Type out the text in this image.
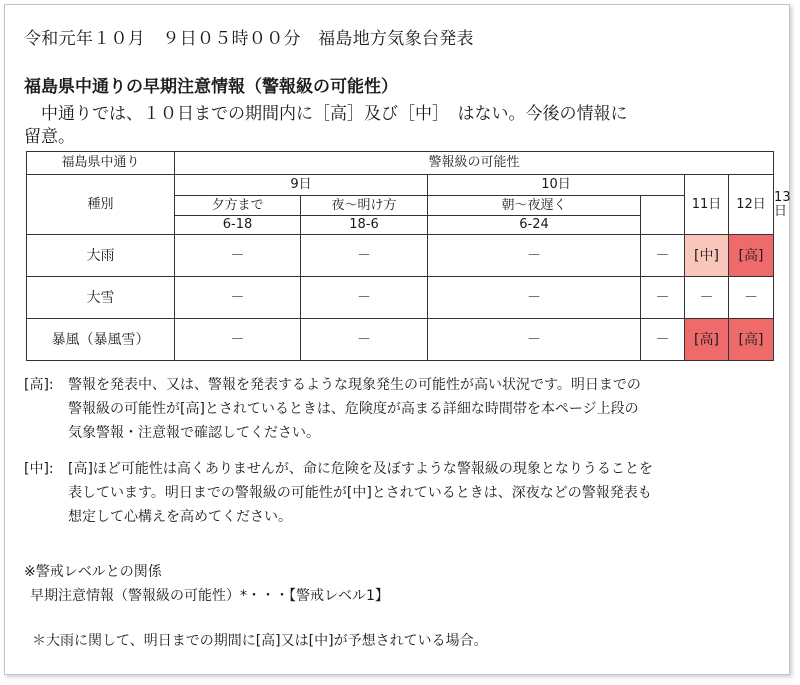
令和元年１０月　９日０５時００分　福島地方気象台発表
福島県中通りの早期注意情報（警報級の可能性）
　中通りでは、１０日までの期間内に［高］及び［中］　はない。今後の情報に
留意。
福島県中通り	警報級の可能性						
種別	9日		10日		11日	12日	
	夕方まで	夜～明け方	朝～夜遅く				
	6-18	18-6	6-24				
大雨	－	－	－	－	[中]	[高]	
大雪	－	－	－	－	－	－	
暴風（暴風雪）	－	－	－	－	[高]	[高]	
[高]:	警報を発表中、又は、警報を発表するような現象発生の可能性が高い状況です。明日までの
警報級の可能性が[高]とされているときは、危険度が高まる詳細な時間帯を本ページ上段の
気象警報・注意報で確認してください。
[中]:	[高]ほど可能性は高くありませんが、命に危険を及ぼすような警報級の現象となりうることを
表しています。明日までの警報級の可能性が[中]とされているときは、深夜などの警報発表も
想定して心構えを高めてください。
※警戒レベルとの関係
早期注意情報（警報級の可能性）*・・・【警戒レベル1】
＊大雨に関して、明日までの期間に[高]又は[中]が予想されている場合。
